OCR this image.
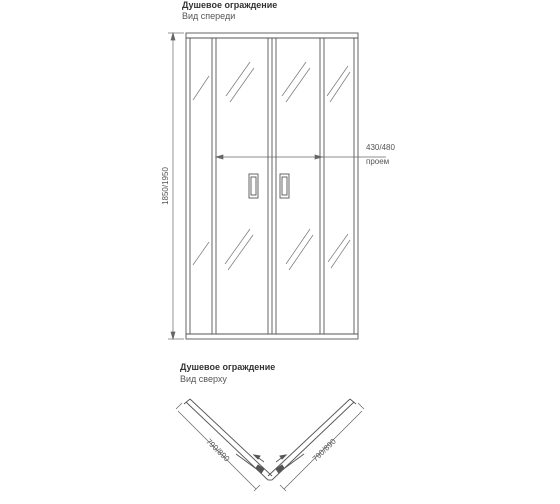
Душевое ограждение
Вид спереди
Душевое ограждение
Вид сверху
1850/1950
430/480
проем
790/890	790/890
